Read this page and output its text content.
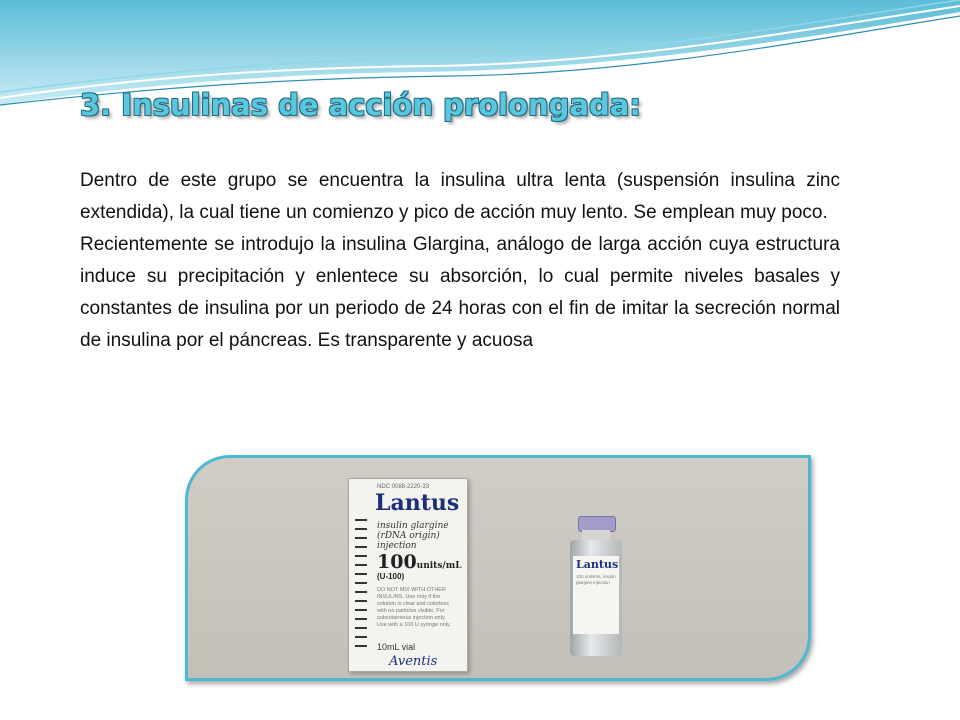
3. Insulinas de acción prolongada:

Dentro de este grupo se encuentra la insulina ultra lenta (suspensión insulina zinc extendida), la cual tiene un comienzo y pico de acción muy lento. Se emplean muy poco.

Recientemente se introdujo la insulina Glargina, análogo de larga acción cuya estructura induce su precipitación y enlentece su absorción, lo cual permite niveles basales y constantes de insulina por un periodo de 24 horas con el fin de imitar la secreción normal de insulina por el páncreas. Es transparente y acuosa

NDC 0088-2220-33
Lantus
insulin glargine
(rDNA origin)
injection
100units/mL
(U-100)
DO NOT MIX WITH OTHER INSULINS. Use only if the solution is clear and colorless with no particles visible. For subcutaneous injection only. Use with a 100 U syringe only.
10mL vial
Aventis
Lantus
100 units/mL insulin glargine injection
